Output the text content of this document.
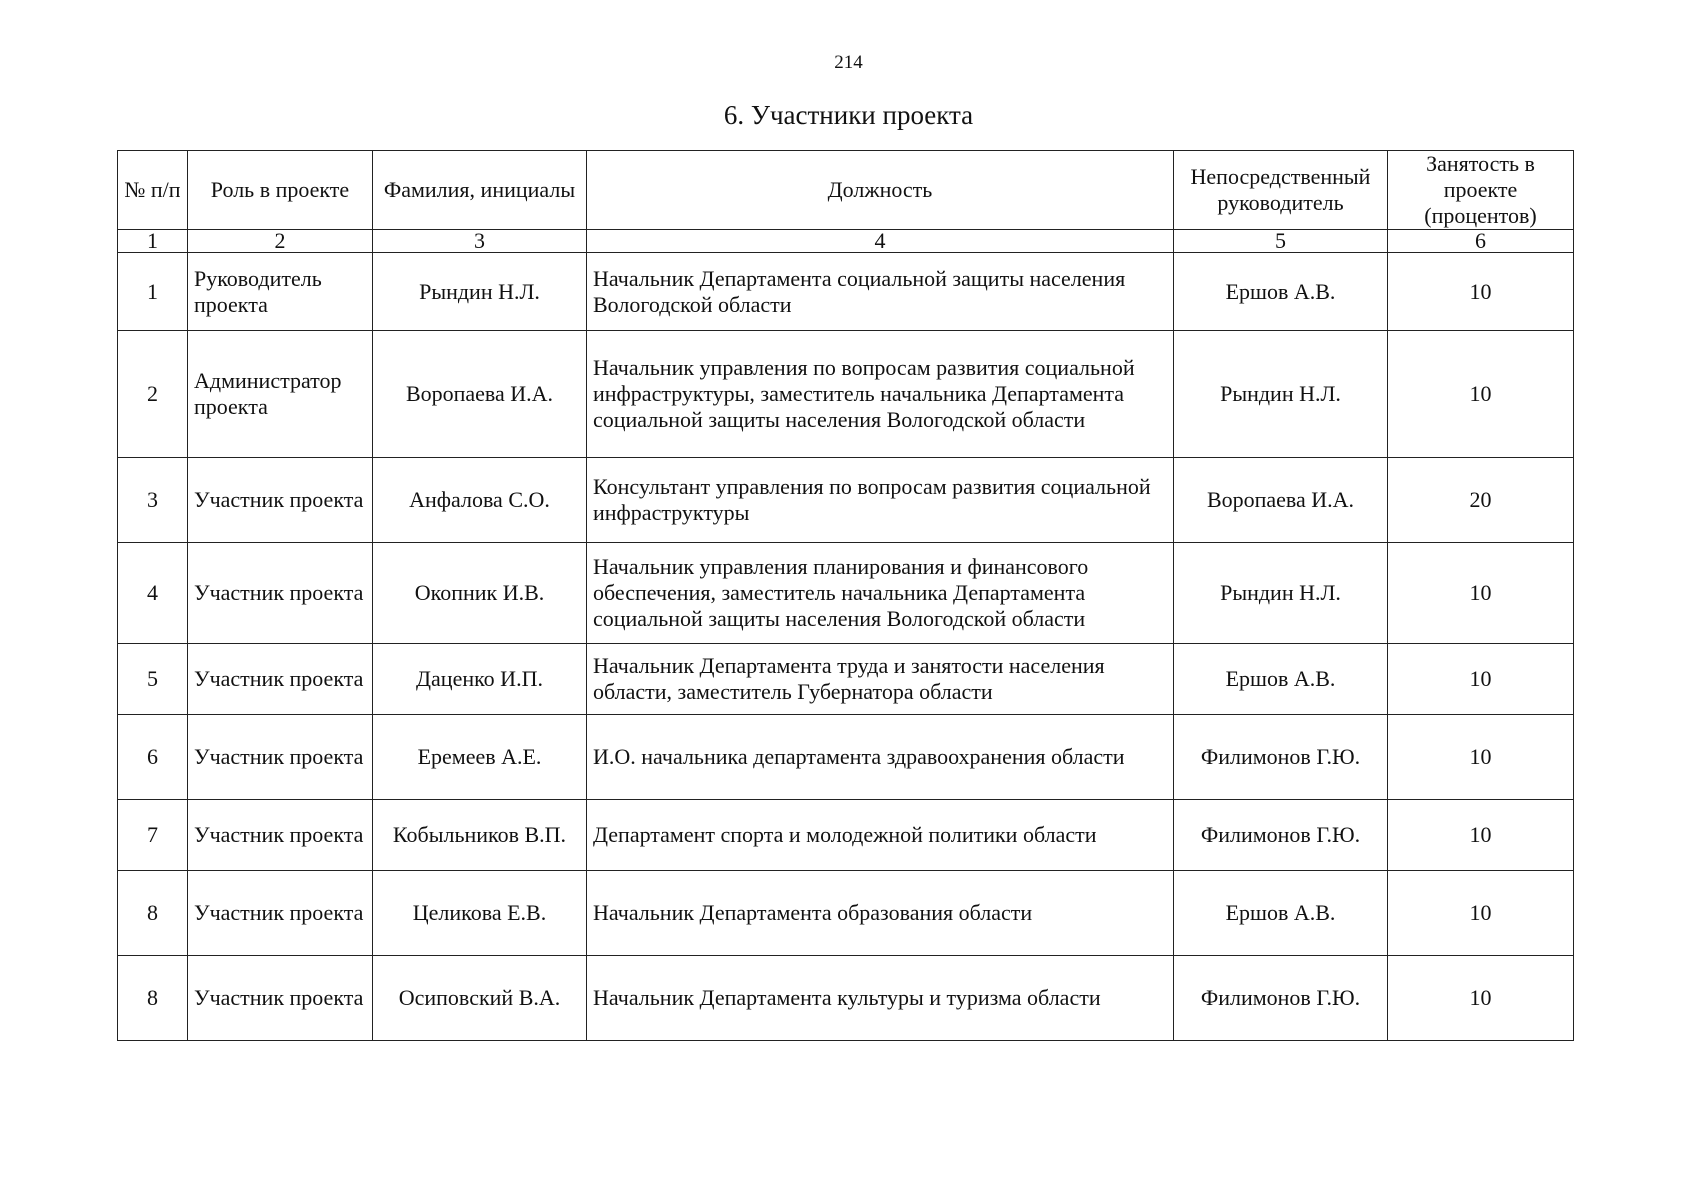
214
6. Участники проекта
№ п/п	Роль в проекте	Фамилия, инициалы	Должность	Непосредственный руководитель	Занятость в проекте (процентов)
1	2	3	4	5	6
1	Руководитель проекта	Рындин Н.Л.	Начальник Департамента социальной защиты населения Вологодской области	Ершов А.В.	10
2	Администратор проекта	Воропаева И.А.	Начальник управления по вопросам развития социальной инфраструктуры, заместитель начальника Департамента социальной защиты населения Вологодской области	Рындин Н.Л.	10
3	Участник проекта	Анфалова С.О.	Консультант управления по вопросам развития социальной инфраструктуры	Воропаева И.А.	20
4	Участник проекта	Окопник И.В.	Начальник управления планирования и финансового обеспечения, заместитель начальника Департамента социальной защиты населения Вологодской области	Рындин Н.Л.	10
5	Участник проекта	Даценко И.П.	Начальник Департамента труда и занятости населения области, заместитель Губернатора области	Ершов А.В.	10
6	Участник проекта	Еремеев А.Е.	И.О. начальника департамента здравоохранения области	Филимонов Г.Ю.	10
7	Участник проекта	Кобыльников В.П.	Департамент спорта и молодежной политики области	Филимонов Г.Ю.	10
8	Участник проекта	Целикова Е.В.	Начальник Департамента образования области	Ершов А.В.	10
8	Участник проекта	Осиповский В.А.	Начальник Департамента культуры и туризма области	Филимонов Г.Ю.	10
